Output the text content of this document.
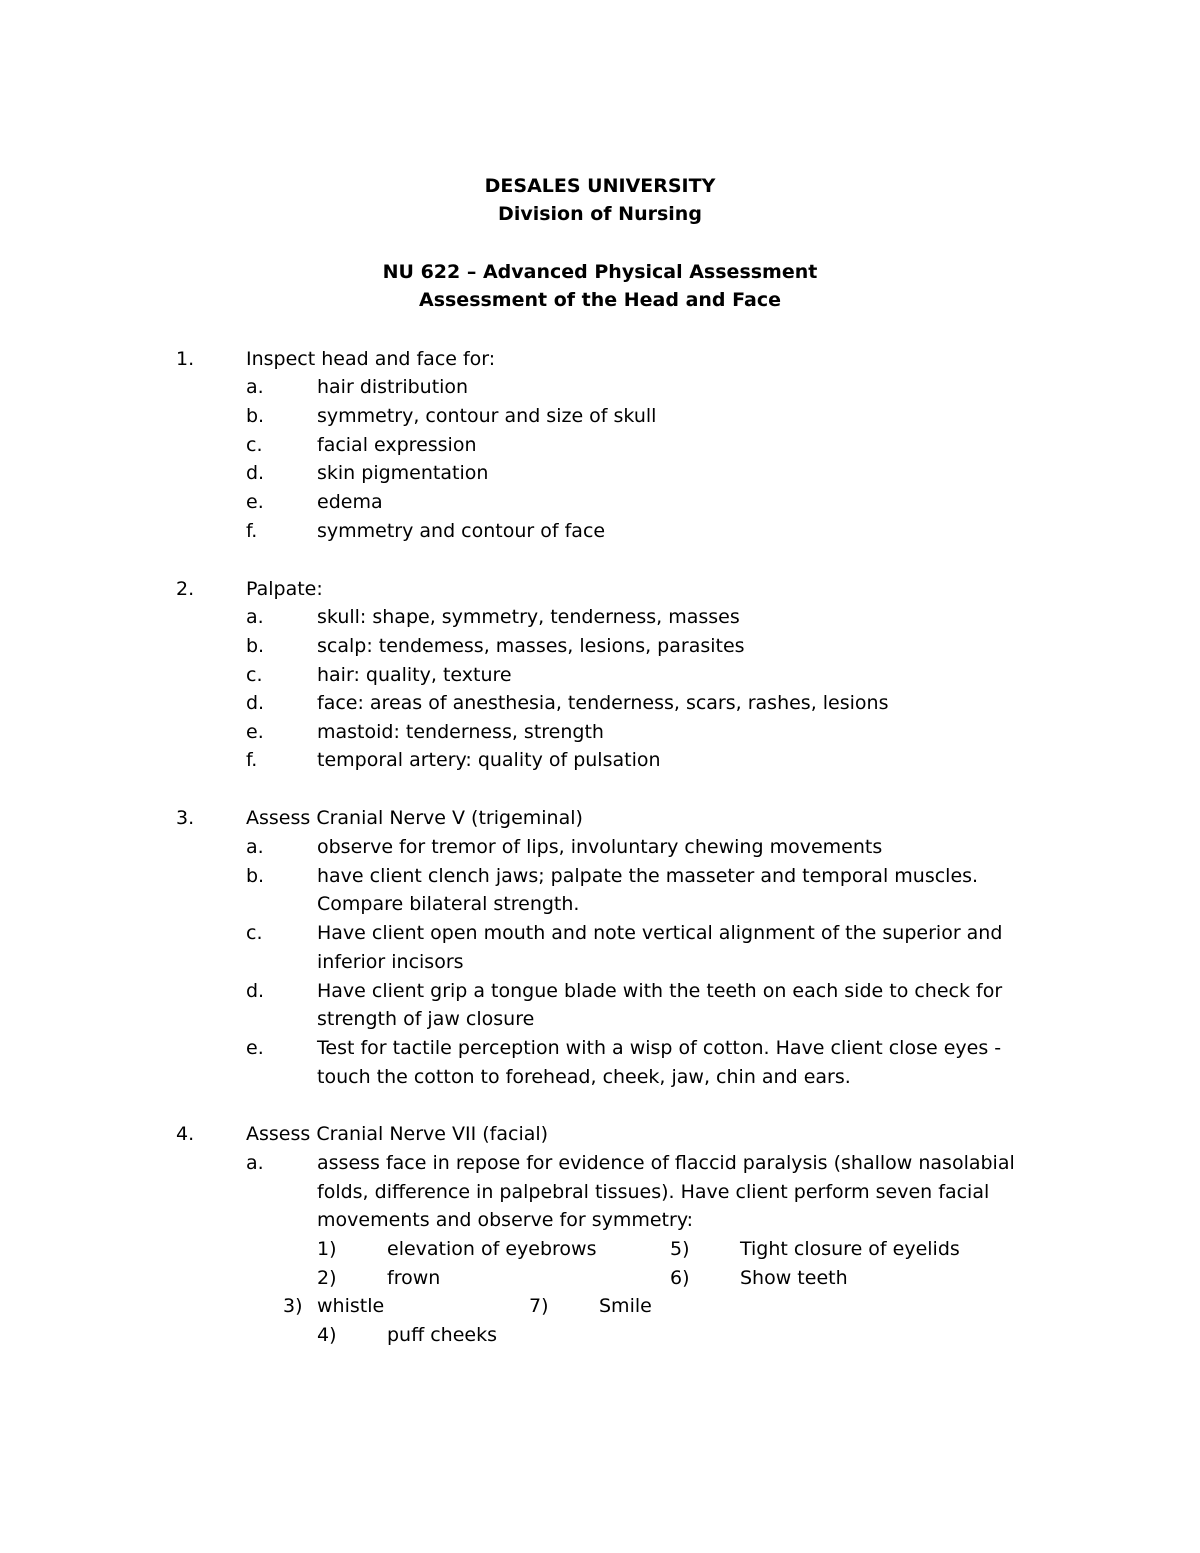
DESALES UNIVERSITY
Division of Nursing
NU 622 – Advanced Physical Assessment
Assessment of the Head and Face
1.	Inspect head and face for:
a.	hair distribution
b.	symmetry, contour and size of skull
c.	facial expression
d.	skin pigmentation
e.	edema
f.	symmetry and contour of face
2.	Palpate:
a.	skull: shape, symmetry, tenderness, masses
b.	scalp: tendemess, masses, lesions, parasites
c.	hair: quality, texture
d.	face: areas of anesthesia, tenderness, scars, rashes, lesions
e.	mastoid: tenderness, strength
f.	temporal artery: quality of pulsation
3.	Assess Cranial Nerve V (trigeminal)
a.	observe for tremor of lips, involuntary chewing movements
b.	have client clench jaws; palpate the masseter and temporal muscles.
Compare bilateral strength.
c.	Have client open mouth and note vertical alignment of the superior and
inferior incisors
d.	Have client grip a tongue blade with the teeth on each side to check for
strength of jaw closure
e.	Test for tactile perception with a wisp of cotton. Have client close eyes -
touch the cotton to forehead, cheek, jaw, chin and ears.
4.	Assess Cranial Nerve VII (facial)
a.	assess face in repose for evidence of flaccid paralysis (shallow nasolabial
folds, difference in palpebral tissues). Have client perform seven facial
movements and observe for symmetry:
1)	elevation of eyebrows	5)	Tight closure of eyelids
2)	frown	6)	Show teeth
3) whistle	7)	Smile
4)	puff cheeks
